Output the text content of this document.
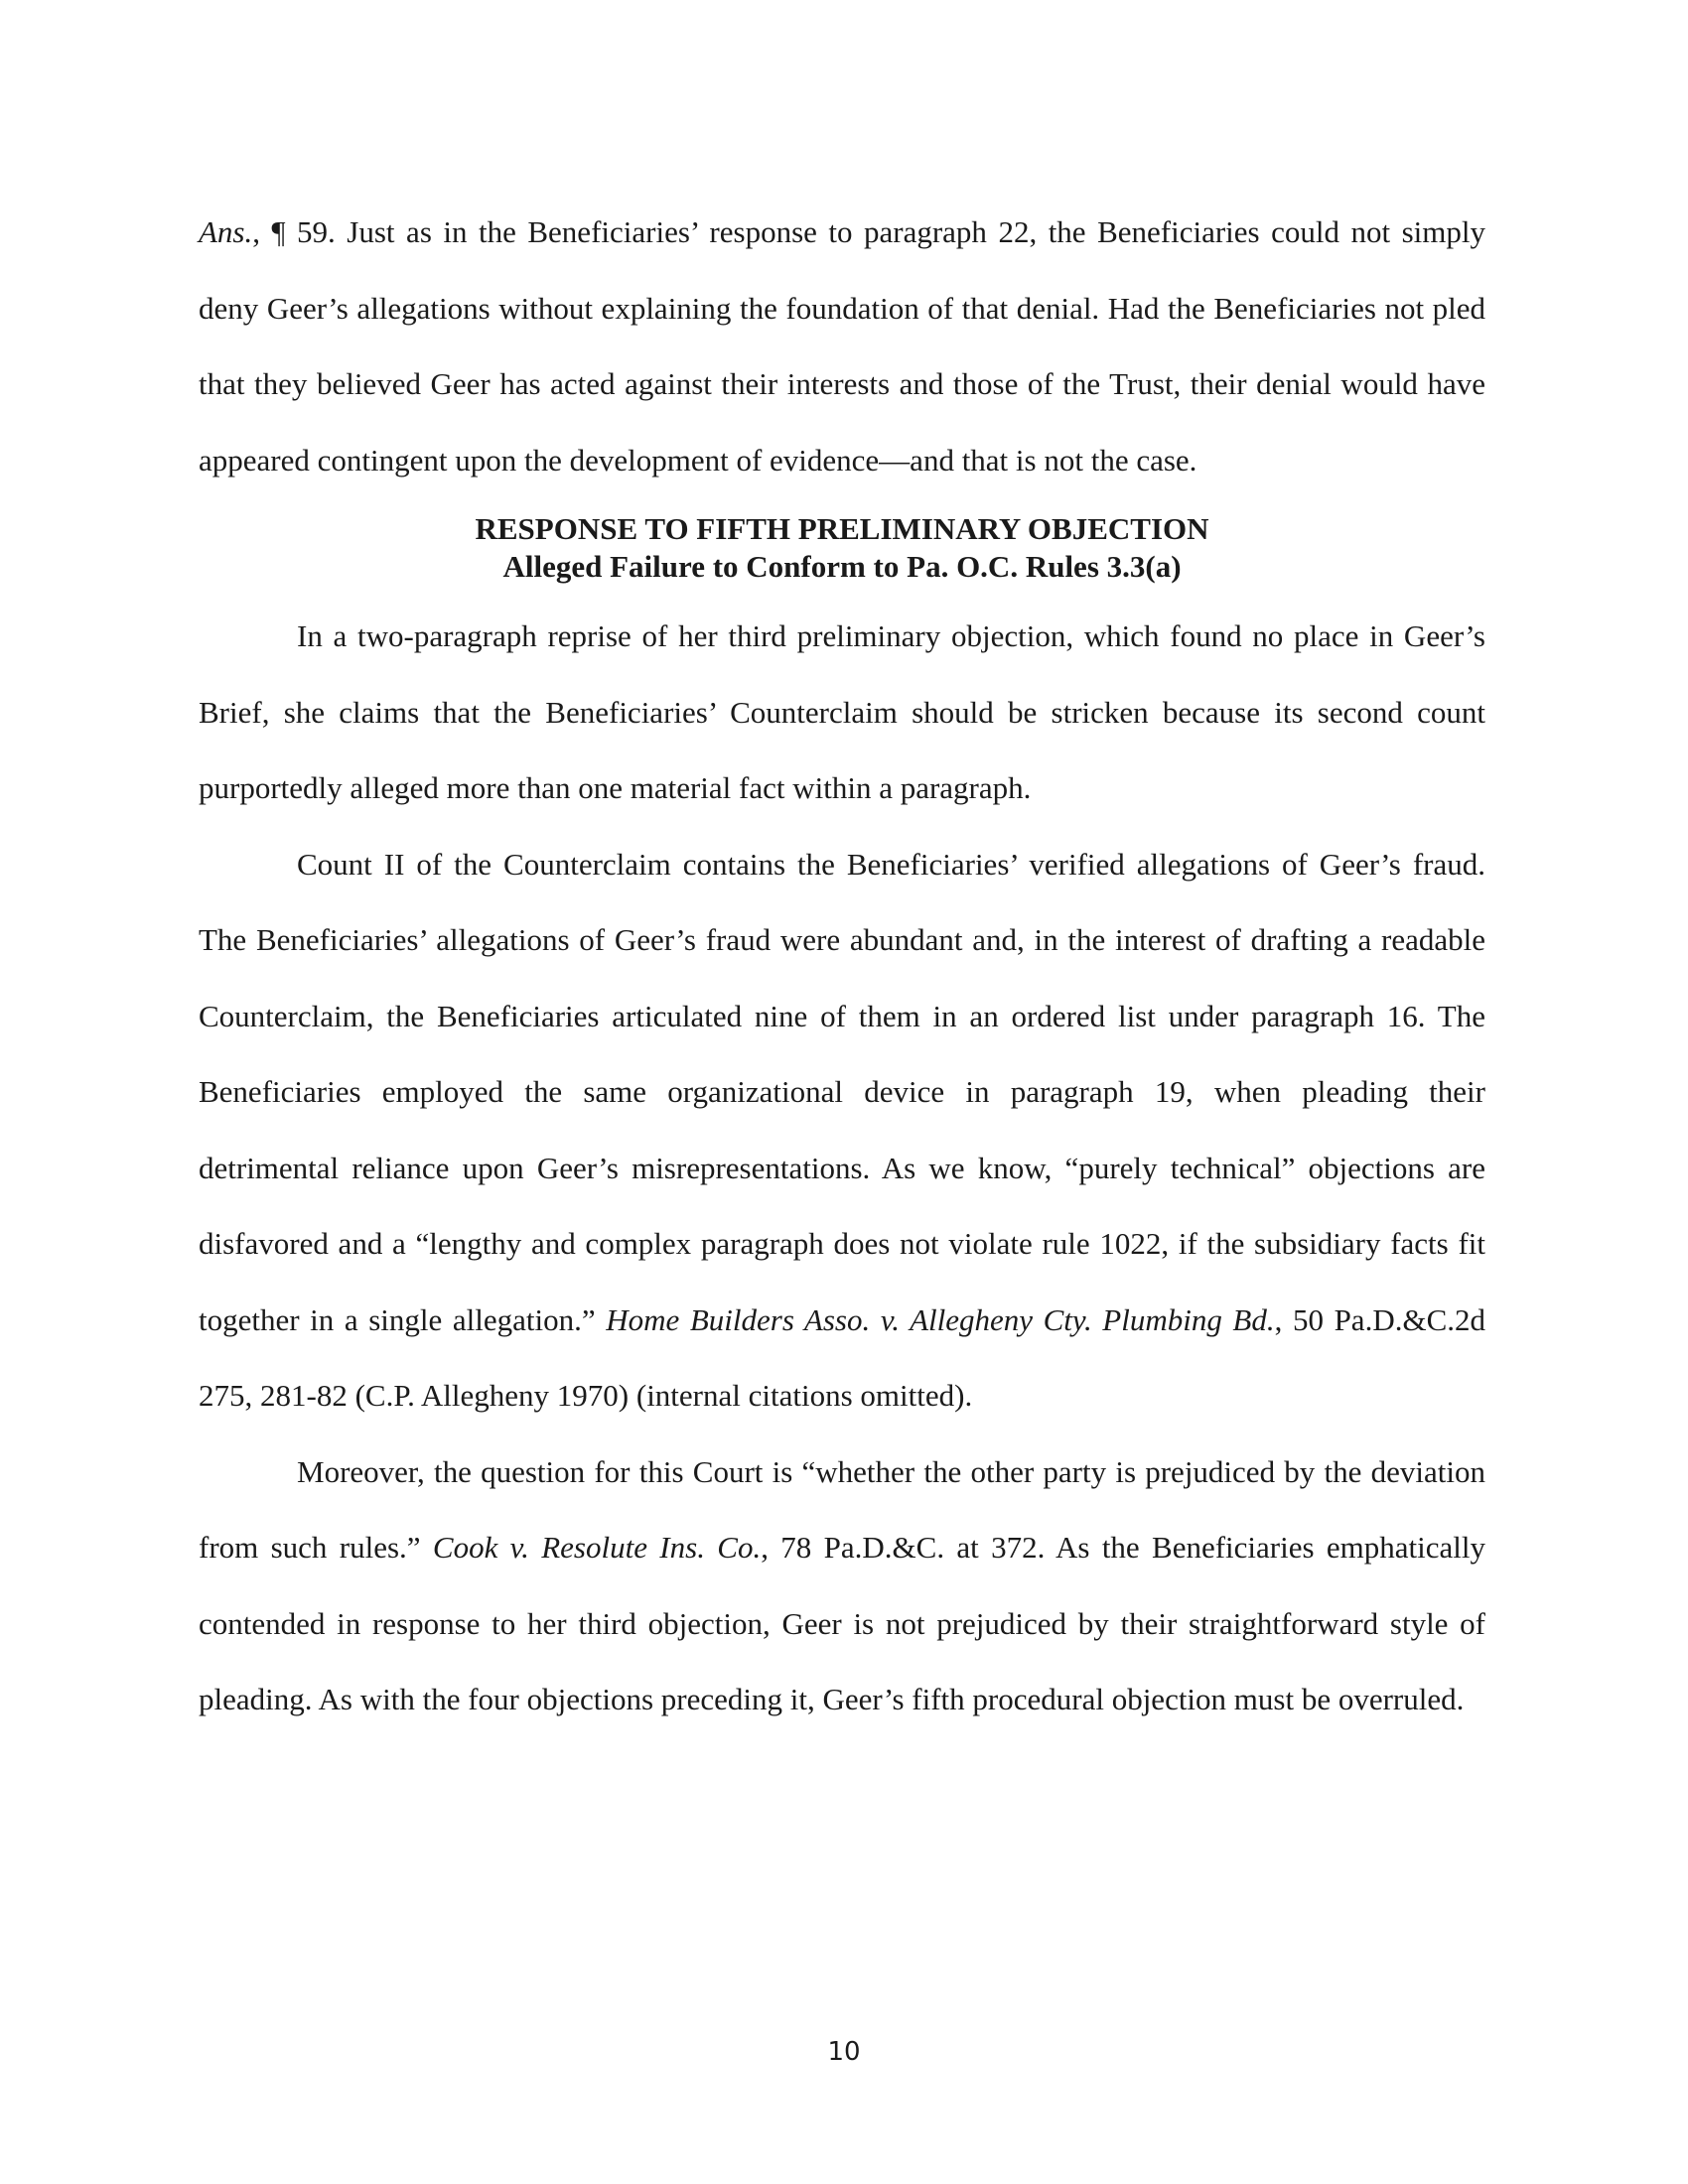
Ans., ¶ 59. Just as in the Beneficiaries’ response to paragraph 22, the Beneficiaries could not simply deny Geer’s allegations without explaining the foundation of that denial. Had the Beneficiaries not pled that they believed Geer has acted against their interests and those of the Trust, their denial would have appeared contingent upon the development of evidence—and that is not the case.

RESPONSE TO FIFTH PRELIMINARY OBJECTION

Alleged Failure to Conform to Pa. O.C. Rules 3.3(a)

In a two-paragraph reprise of her third preliminary objection, which found no place in Geer’s Brief, she claims that the Beneficiaries’ Counterclaim should be stricken because its second count purportedly alleged more than one material fact within a paragraph.

Count II of the Counterclaim contains the Beneficiaries’ verified allegations of Geer’s fraud. The Beneficiaries’ allegations of Geer’s fraud were abundant and, in the interest of drafting a readable Counterclaim, the Beneficiaries articulated nine of them in an ordered list under paragraph 16. The Beneficiaries employed the same organizational device in paragraph 19, when pleading their detrimental reliance upon Geer’s misrepresentations. As we know, “purely technical” objections are disfavored and a “lengthy and complex paragraph does not violate rule 1022, if the subsidiary facts fit together in a single allegation.” Home Builders Asso. v. Allegheny Cty. Plumbing Bd., 50 Pa.D.&C.2d 275, 281-82 (C.P. Allegheny 1970) (internal citations omitted).

Moreover, the question for this Court is “whether the other party is prejudiced by the deviation from such rules.” Cook v. Resolute Ins. Co., 78 Pa.D.&C. at 372. As the Beneficiaries emphatically contended in response to her third objection, Geer is not prejudiced by their straightforward style of pleading. As with the four objections preceding it, Geer’s fifth procedural objection must be overruled.

10
